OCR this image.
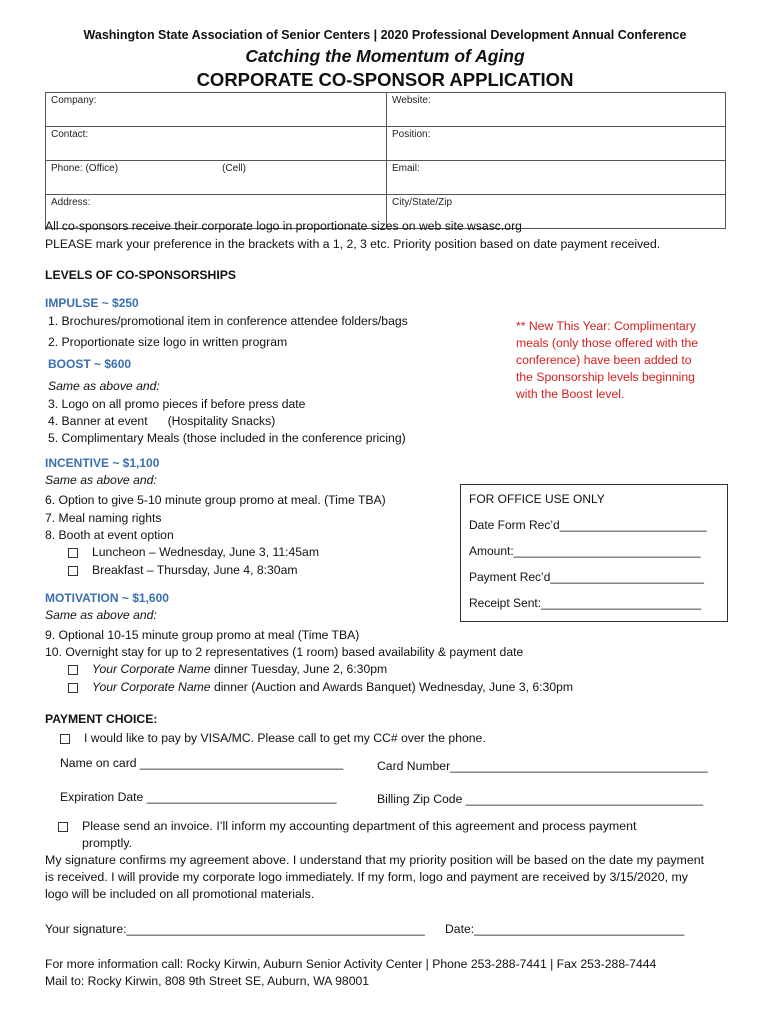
Washington State Association of Senior Centers | 2020 Professional Development Annual Conference
Catching the Momentum of Aging
CORPORATE CO-SPONSOR APPLICATION
Company:	Website:
Contact:	Position:
Phone: (Office) (Cell)	Email:
Address:	City/State/Zip
All co-sponsors receive their corporate logo in proportionate sizes on web site wsasc.org
PLEASE mark your preference in the brackets with a 1, 2, 3 etc. Priority position based on date payment received.
LEVELS OF CO-SPONSORSHIPS
IMPULSE ~ $250
1. Brochures/promotional item in conference attendee folders/bags
2. Proportionate size logo in written program
BOOST ~ $600
Same as above and:
3. Logo on all promo pieces if before press date
4. Banner at event (Hospitality Snacks)
5. Complimentary Meals (those included in the conference pricing)
** New This Year: Complimentary meals (only those offered with the conference) have been added to the Sponsorship levels beginning with the Boost level.
INCENTIVE ~ $1,100
Same as above and:
6. Option to give 5-10 minute group promo at meal. (Time TBA)
7. Meal naming rights
8. Booth at event option
Luncheon – Wednesday, June 3, 11:45am
Breakfast – Thursday, June 4, 8:30am
FOR OFFICE USE ONLY
Date Form Rec’d______________________
Amount:____________________________
Payment Rec’d_______________________
Receipt Sent:________________________
MOTIVATION ~ $1,600
Same as above and:
9. Optional 10-15 minute group promo at meal (Time TBA)
10. Overnight stay for up to 2 representatives (1 room) based availability & payment date
Your Corporate Name dinner Tuesday, June 2, 6:30pm
Your Corporate Name dinner (Auction and Awards Banquet) Wednesday, June 3, 6:30pm
PAYMENT CHOICE:
I would like to pay by VISA/MC. Please call to get my CC# over the phone.
Name on card ______________________________	Card Number______________________________________
Expiration Date ____________________________	Billing Zip Code ___________________________________
Please send an invoice. I’ll inform my accounting department of this agreement and process payment promptly.
My signature confirms my agreement above. I understand that my priority position will be based on the date my payment is received. I will provide my corporate logo immediately. If my form, logo and payment are received by 3/15/2020, my logo will be included on all promotional materials.
Your signature:____________________________________________ Date:_______________________________
For more information call: Rocky Kirwin, Auburn Senior Activity Center | Phone 253-288-7441 | Fax 253-288-7444
Mail to: Rocky Kirwin, 808 9th Street SE, Auburn, WA 98001
